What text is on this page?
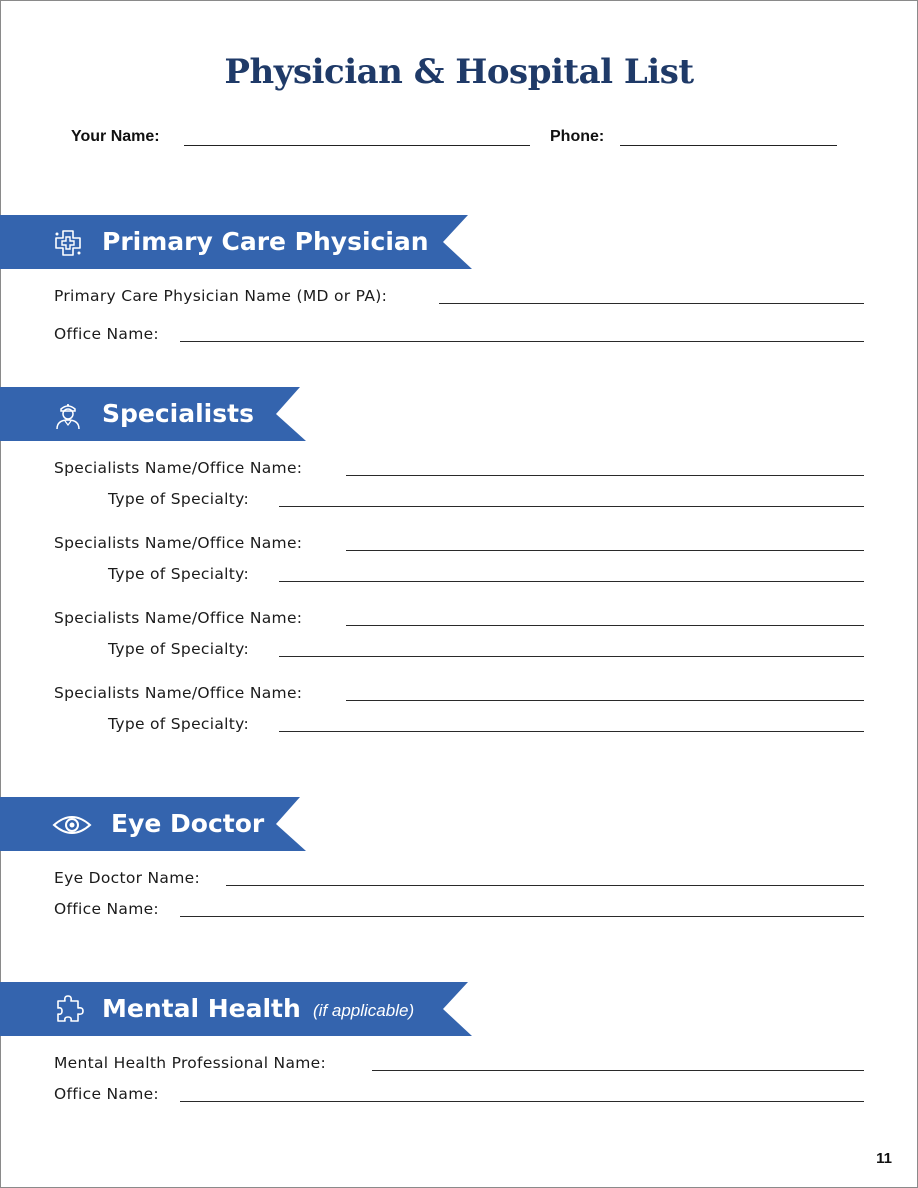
Physician & Hospital List
Your Name:	Phone:
Primary Care Physician
Primary Care Physician Name (MD or PA):
Office Name:
Specialists
Specialists Name/Office Name:
Type of Specialty:
Specialists Name/Office Name:
Type of Specialty:
Specialists Name/Office Name:
Type of Specialty:
Specialists Name/Office Name:
Type of Specialty:
Eye Doctor
Eye Doctor Name:
Office Name:
Mental Health (if applicable)
Mental Health Professional Name:
Office Name:
11
